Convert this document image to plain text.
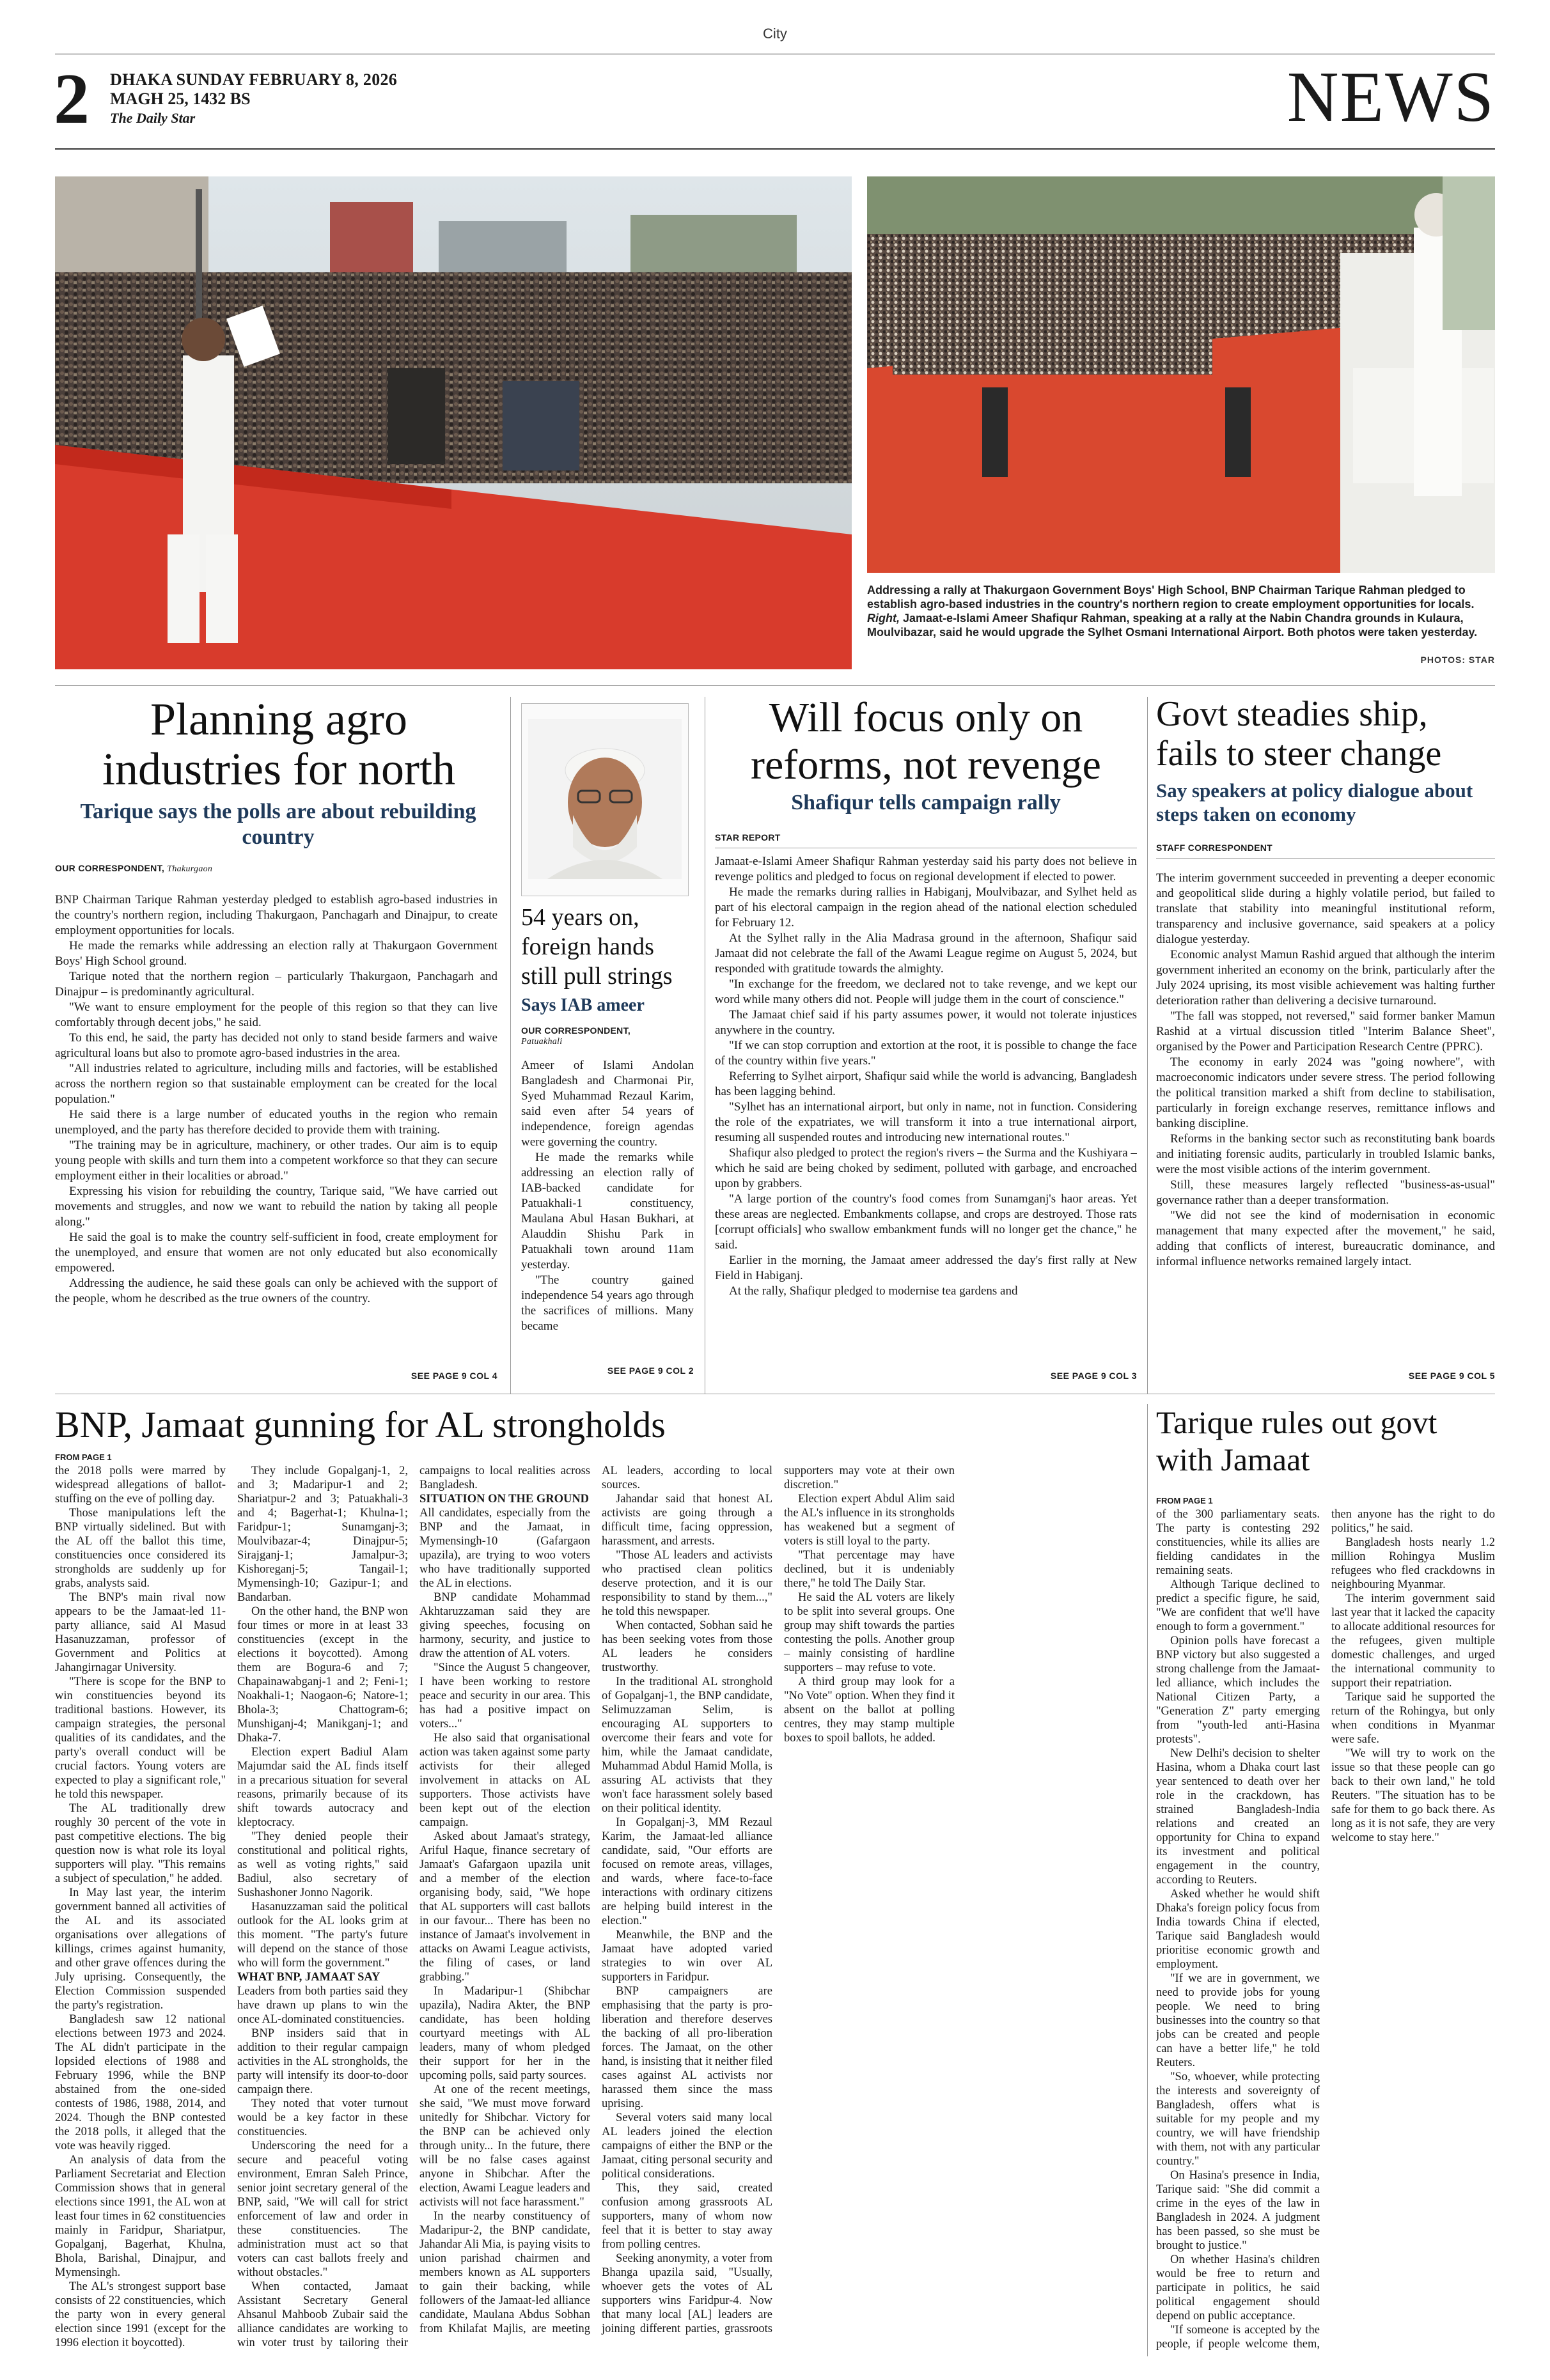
City
2 DHAKA SUNDAY FEBRUARY 8, 2026
MAGH 25, 1432 BS
The Daily Star	NEWS
Addressing a rally at Thakurgaon Government Boys' High School, BNP Chairman Tarique Rahman pledged to establish agro-based industries in the country's northern region to create employment opportunities for locals. Right, Jamaat-e-Islami Ameer Shafiqur Rahman, speaking at a rally at the Nabin Chandra grounds in Kulaura, Moulvibazar, said he would upgrade the Sylhet Osmani International Airport. Both photos were taken yesterday.
PHOTOS: STAR
Planning agro industries for north
Tarique says the polls are about rebuilding country
OUR CORRESPONDENT, Thakurgaon

BNP Chairman Tarique Rahman yesterday pledged to establish agro-based industries in the country's northern region, including Thakurgaon, Panchagarh and Dinajpur, to create employment opportunities for locals.

He made the remarks while addressing an election rally at Thakurgaon Government Boys' High School ground.

Tarique noted that the northern region – particularly Thakurgaon, Panchagarh and Dinajpur – is predominantly agricultural.

"We want to ensure employment for the people of this region so that they can live comfortably through decent jobs," he said.

To this end, he said, the party has decided not only to stand beside farmers and waive agricultural loans but also to promote agro-based industries in the area.

"All industries related to agriculture, including mills and factories, will be established across the northern region so that sustainable employment can be created for the local population."

He said there is a large number of educated youths in the region who remain unemployed, and the party has therefore decided to provide them with training.

"The training may be in agriculture, machinery, or other trades. Our aim is to equip young people with skills and turn them into a competent workforce so that they can secure employment either in their localities or abroad."

Expressing his vision for rebuilding the country, Tarique said, "We have carried out movements and struggles, and now we want to rebuild the nation by taking all people along."

He said the goal is to make the country self-sufficient in food, create employment for the unemployed, and ensure that women are not only educated but also economically empowered.

Addressing the audience, he said these goals can only be achieved with the support of the people, whom he described as the true owners of the country.

SEE PAGE 9 COL 4
54 years on, foreign hands still pull strings
Says IAB ameer
OUR CORRESPONDENT,
Patuakhali

Ameer of Islami Andolan Bangladesh and Charmonai Pir, Syed Muhammad Rezaul Karim, said even after 54 years of independence, foreign agendas were governing the country.

He made the remarks while addressing an election rally of IAB-backed candidate for Patuakhali-1 constituency, Maulana Abul Hasan Bukhari, at Alauddin Shishu Park in Patuakhali town around 11am yesterday.

"The country gained independence 54 years ago through the sacrifices of millions. Many became

SEE PAGE 9 COL 2
Will focus only on reforms, not revenge
Shafiqur tells campaign rally
STAR REPORT

Jamaat-e-Islami Ameer Shafiqur Rahman yesterday said his party does not believe in revenge politics and pledged to focus on regional development if elected to power.

He made the remarks during rallies in Habiganj, Moulvibazar, and Sylhet held as part of his electoral campaign in the region ahead of the national election scheduled for February 12.

At the Sylhet rally in the Alia Madrasa ground in the afternoon, Shafiqur said Jamaat did not celebrate the fall of the Awami League regime on August 5, 2024, but responded with gratitude towards the almighty.

"In exchange for the freedom, we declared not to take revenge, and we kept our word while many others did not. People will judge them in the court of conscience."

The Jamaat chief said if his party assumes power, it would not tolerate injustices anywhere in the country.

"If we can stop corruption and extortion at the root, it is possible to change the face of the country within five years."

Referring to Sylhet airport, Shafiqur said while the world is advancing, Bangladesh has been lagging behind.

"Sylhet has an international airport, but only in name, not in function. Considering the role of the expatriates, we will transform it into a true international airport, resuming all suspended routes and introducing new international routes."

Shafiqur also pledged to protect the region's rivers – the Surma and the Kushiyara – which he said are being choked by sediment, polluted with garbage, and encroached upon by grabbers.

"A large portion of the country's food comes from Sunamganj's haor areas. Yet these areas are neglected. Embankments collapse, and crops are destroyed. Those rats [corrupt officials] who swallow embankment funds will no longer get the chance," he said.

Earlier in the morning, the Jamaat ameer addressed the day's first rally at New Field in Habiganj.

At the rally, Shafiqur pledged to modernise tea gardens and

SEE PAGE 9 COL 3
Govt steadies ship, fails to steer change
Say speakers at policy dialogue about steps taken on economy
STAFF CORRESPONDENT

The interim government succeeded in preventing a deeper economic and geopolitical slide during a highly volatile period, but failed to translate that stability into meaningful institutional reform, transparency and inclusive governance, said speakers at a policy dialogue yesterday.

Economic analyst Mamun Rashid argued that although the interim government inherited an economy on the brink, particularly after the July 2024 uprising, its most visible achievement was halting further deterioration rather than delivering a decisive turnaround.

"The fall was stopped, not reversed," said former banker Mamun Rashid at a virtual discussion titled "Interim Balance Sheet", organised by the Power and Participation Research Centre (PPRC).

The economy in early 2024 was "going nowhere", with macroeconomic indicators under severe stress. The period following the political transition marked a shift from decline to stabilisation, particularly in foreign exchange reserves, remittance inflows and banking discipline.

Reforms in the banking sector such as reconstituting bank boards and initiating forensic audits, particularly in troubled Islamic banks, were the most visible actions of the interim government.

Still, these measures largely reflected "business-as-usual" governance rather than a deeper transformation.

"We did not see the kind of modernisation in economic management that many expected after the movement," he said, adding that conflicts of interest, bureaucratic dominance, and informal influence networks remained largely intact.

SEE PAGE 9 COL 5
BNP, Jamaat gunning for AL strongholds
FROM PAGE 1

the 2018 polls were marred by widespread allegations of ballot-stuffing on the eve of polling day.

Those manipulations left the BNP virtually sidelined. But with the AL off the ballot this time, constituencies once considered its strongholds are suddenly up for grabs, analysts said.

The BNP's main rival now appears to be the Jamaat-led 11-party alliance, said Al Masud Hasanuzzaman, professor of Government and Politics at Jahangirnagar University.

"There is scope for the BNP to win constituencies beyond its traditional bastions. However, its campaign strategies, the personal qualities of its candidates, and the party's overall conduct will be crucial factors. Young voters are expected to play a significant role," he told this newspaper.

The AL traditionally drew roughly 30 percent of the vote in past competitive elections. The big question now is what role its loyal supporters will play. "This remains a subject of speculation," he added.

In May last year, the interim government banned all activities of the AL and its associated organisations over allegations of killings, crimes against humanity, and other grave offences during the July uprising. Consequently, the Election Commission suspended the party's registration.

Bangladesh saw 12 national elections between 1973 and 2024. The AL didn't participate in the lopsided elections of 1988 and February 1996, while the BNP abstained from the one-sided contests of 1986, 1988, 2014, and 2024. Though the BNP contested the 2018 polls, it alleged that the vote was heavily rigged.

An analysis of data from the Parliament Secretariat and Election Commission shows that in general elections since 1991, the AL won at least four times in 62 constituencies mainly in Faridpur, Shariatpur, Gopalganj, Bagerhat, Khulna, Bhola, Barishal, Dinajpur, and Mymensingh.

The AL's strongest support base consists of 22 constituencies, which the party won in every general election since 1991 (except for the 1996 election it boycotted).

They include Gopalganj-1, 2, and 3; Madaripur-1 and 2; Shariatpur-2 and 3; Patuakhali-3 and 4; Bagerhat-1; Khulna-1; Faridpur-1; Sunamganj-3; Moulvibazar-4; Dinajpur-5; Sirajganj-1; Jamalpur-3; Kishoreganj-5; Tangail-1; Mymensingh-10; Gazipur-1; and Bandarban.

On the other hand, the BNP won four times or more in at least 33 constituencies (except in the elections it boycotted). Among them are Bogura-6 and 7; Chapainawabganj-1 and 2; Feni-1; Noakhali-1; Naogaon-6; Natore-1; Bhola-3; Chattogram-6; Munshiganj-4; Manikganj-1; and Dhaka-7.

Election expert Badiul Alam Majumdar said the AL finds itself in a precarious situation for several reasons, primarily because of its shift towards autocracy and kleptocracy.

"They denied people their constitutional and political rights, as well as voting rights," said Badiul, also secretary of Sushashoner Jonno Nagorik.

Hasanuzzaman said the political outlook for the AL looks grim at this moment. "The party's future will depend on the stance of those who will form the government."

WHAT BNP, JAMAAT SAY

Leaders from both parties said they have drawn up plans to win the once AL-dominated constituencies.

BNP insiders said that in addition to their regular campaign activities in the AL strongholds, the party will intensify its door-to-door campaign there.

They noted that voter turnout would be a key factor in these constituencies.

Underscoring the need for a secure and peaceful voting environment, Emran Saleh Prince, senior joint secretary general of the BNP, said, "We will call for strict enforcement of law and order in these constituencies. The administration must act so that voters can cast ballots freely and without obstacles."

When contacted, Jamaat Assistant Secretary General Ahsanul Mahboob Zubair said the alliance candidates are working to win voter trust by tailoring their campaigns to local realities across Bangladesh.

SITUATION ON THE GROUND

All candidates, especially from the BNP and the Jamaat, in Mymensingh-10 (Gafargaon upazila), are trying to woo voters who have traditionally supported the AL in elections.

BNP candidate Mohammad Akhtaruzzaman said they are giving speeches, focusing on harmony, security, and justice to draw the attention of AL voters.

"Since the August 5 changeover, I have been working to restore peace and security in our area. This has had a positive impact on voters..."

He also said that organisational action was taken against some party activists for their alleged involvement in attacks on AL supporters. Those activists have been kept out of the election campaign.

Asked about Jamaat's strategy, Ariful Haque, finance secretary of Jamaat's Gafargaon upazila unit and a member of the election organising body, said, "We hope that AL supporters will cast ballots in our favour... There has been no instance of Jamaat's involvement in attacks on Awami League activists, the filing of cases, or land grabbing."

In Madaripur-1 (Shibchar upazila), Nadira Akter, the BNP candidate, has been holding courtyard meetings with AL leaders, many of whom pledged their support for her in the upcoming polls, said party sources.

At one of the recent meetings, she said, "We must move forward unitedly for Shibchar. Victory for the BNP can be achieved only through unity... In the future, there will be no false cases against anyone in Shibchar. After the election, Awami League leaders and activists will not face harassment."

In the nearby constituency of Madaripur-2, the BNP candidate, Jahandar Ali Mia, is paying visits to union parishad chairmen and members known as AL supporters to gain their backing, while followers of the Jamaat-led alliance candidate, Maulana Abdus Sobhan from Khilafat Majlis, are meeting AL leaders, according to local sources.

Jahandar said that honest AL activists are going through a difficult time, facing oppression, harassment, and arrests.

"Those AL leaders and activists who practised clean politics deserve protection, and it is our responsibility to stand by them...," he told this newspaper.

When contacted, Sobhan said he has been seeking votes from those AL leaders he considers trustworthy.

In the traditional AL stronghold of Gopalganj-1, the BNP candidate, Selimuzzaman Selim, is encouraging AL supporters to overcome their fears and vote for him, while the Jamaat candidate, Muhammad Abdul Hamid Molla, is assuring AL activists that they won't face harassment solely based on their political identity.

In Gopalganj-3, MM Rezaul Karim, the Jamaat-led alliance candidate, said, "Our efforts are focused on remote areas, villages, and wards, where face-to-face interactions with ordinary citizens are helping build interest in the election."

Meanwhile, the BNP and the Jamaat have adopted varied strategies to win over AL supporters in Faridpur.

BNP campaigners are emphasising that the party is pro-liberation and therefore deserves the backing of all pro-liberation forces. The Jamaat, on the other hand, is insisting that it neither filed cases against AL activists nor harassed them since the mass uprising.

Several voters said many local AL leaders joined the election campaigns of either the BNP or the Jamaat, citing personal security and political considerations.

This, they said, created confusion among grassroots AL supporters, many of whom now feel that it is better to stay away from polling centres.

Seeking anonymity, a voter from Bhanga upazila said, "Usually, whoever gets the votes of AL supporters wins Faridpur-4. Now that many local [AL] leaders are joining different parties, grassroots supporters may vote at their own discretion."

Election expert Abdul Alim said the AL's influence in its strongholds has weakened but a segment of voters is still loyal to the party.

"That percentage may have declined, but it is undeniably there," he told The Daily Star.

He said the AL voters are likely to be split into several groups. One group may shift towards the parties contesting the polls. Another group – mainly consisting of hardline supporters – may refuse to vote.

A third group may look for a "No Vote" option. When they find it absent on the ballot at polling centres, they may stamp multiple boxes to spoil ballots, he added.

Tarique rules out govt with Jamaat
FROM PAGE 1

of the 300 parliamentary seats. The party is contesting 292 constituencies, while its allies are fielding candidates in the remaining seats.

Although Tarique declined to predict a specific figure, he said, "We are confident that we'll have enough to form a government."

Opinion polls have forecast a BNP victory but also suggested a strong challenge from the Jamaat-led alliance, which includes the National Citizen Party, a "Generation Z" party emerging from "youth-led anti-Hasina protests".

New Delhi's decision to shelter Hasina, whom a Dhaka court last year sentenced to death over her role in the crackdown, has strained Bangladesh-India relations and created an opportunity for China to expand its investment and political engagement in the country, according to Reuters.

Asked whether he would shift Dhaka's foreign policy focus from India towards China if elected, Tarique said Bangladesh would prioritise economic growth and employment.

"If we are in government, we need to provide jobs for young people. We need to bring businesses into the country so that jobs can be created and people can have a better life," he told Reuters.

"So, whoever, while protecting the interests and sovereignty of Bangladesh, offers what is suitable for my people and my country, we will have friendship with them, not with any particular country."

On Hasina's presence in India, Tarique said: "She did commit a crime in the eyes of the law in Bangladesh in 2024. A judgment has been passed, so she must be brought to justice."

On whether Hasina's children would be free to return and participate in politics, he said political engagement should depend on public acceptance.

"If someone is accepted by the people, if people welcome them, then anyone has the right to do politics," he said.

Bangladesh hosts nearly 1.2 million Rohingya Muslim refugees who fled crackdowns in neighbouring Myanmar.

The interim government said last year that it lacked the capacity to allocate additional resources for the refugees, given multiple domestic challenges, and urged the international community to support their repatriation.

Tarique said he supported the return of the Rohingya, but only when conditions in Myanmar were safe.

"We will try to work on the issue so that these people can go back to their own land," he told Reuters. "The situation has to be safe for them to go back there. As long as it is not safe, they are very welcome to stay here."
